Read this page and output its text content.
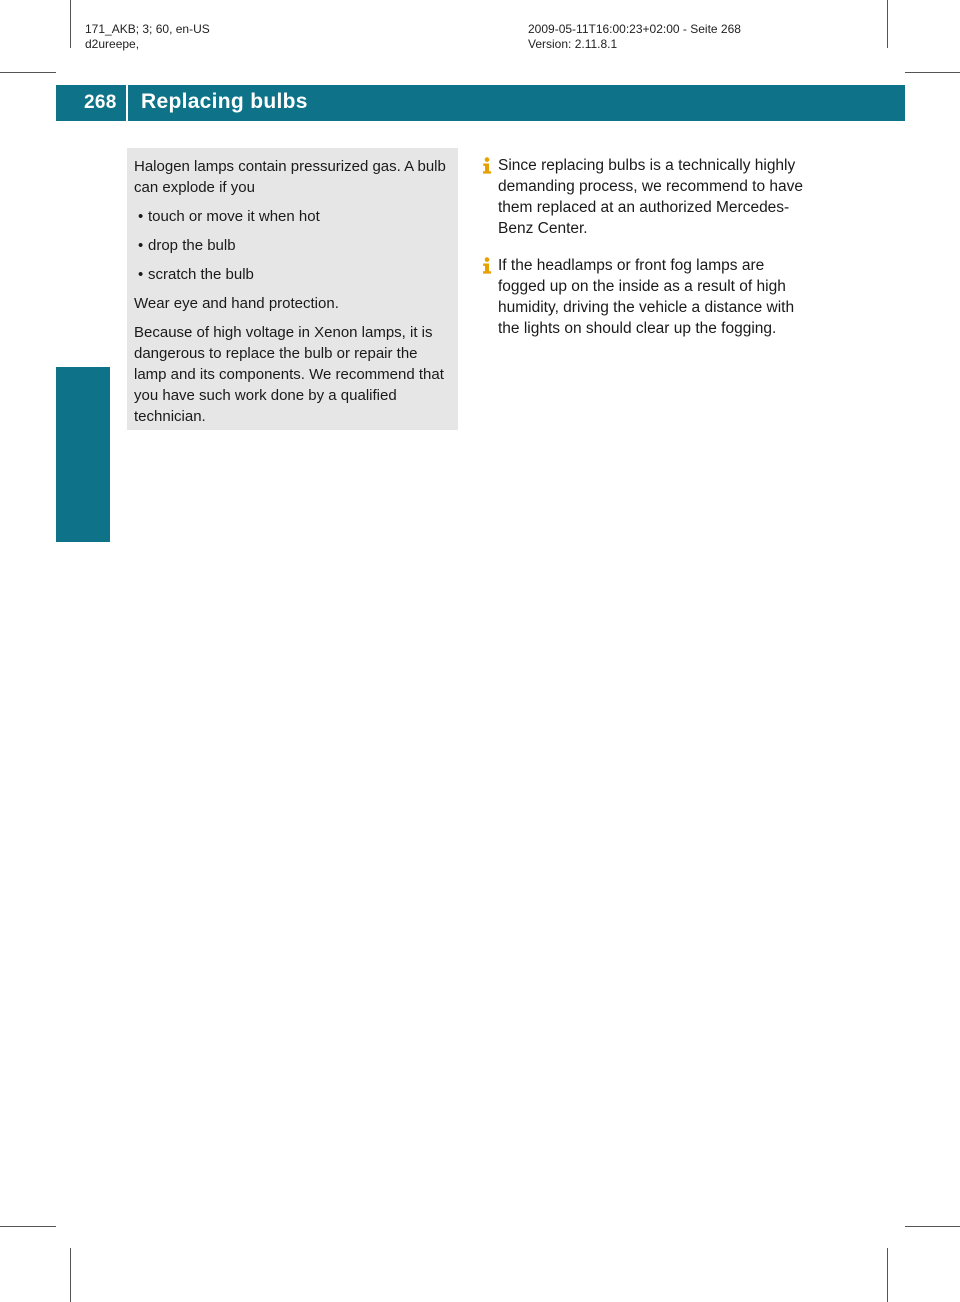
171_AKB; 3; 60, en-US
d2ureepe,
2009-05-11T16:00:23+02:00 - Seite 268
Version: 2.11.8.1
268 Replacing bulbs
Practical hints

Halogen lamps contain pressurized gas. A bulb can explode if you

• touch or move it when hot
• drop the bulb
• scratch the bulb

Wear eye and hand protection.

Because of high voltage in Xenon lamps, it is dangerous to replace the bulb or repair the lamp and its components. We recommend that you have such work done by a qualified technician.

Since replacing bulbs is a technically highly demanding process, we recommend to have them replaced at an authorized Mercedes-Benz Center.
If the headlamps or front fog lamps are fogged up on the inside as a result of high humidity, driving the vehicle a distance with the lights on should clear up the fogging.
